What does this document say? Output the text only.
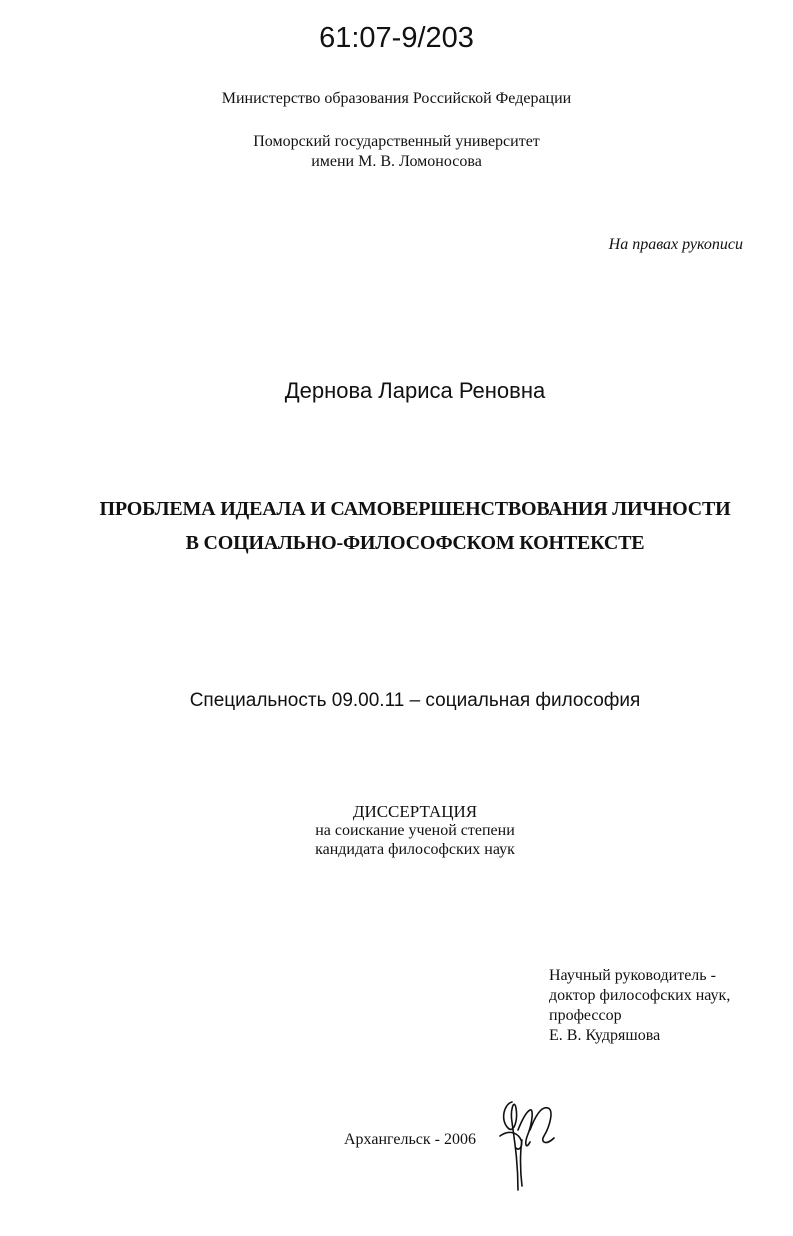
61:07-9/203
Министерство образования Российской Федерации
Поморский государственный университет
имени М. В. Ломоносова
На правах рукописи
Дернова Лариса Реновна
ПРОБЛЕМА ИДЕАЛА И САМОВЕРШЕНСТВОВАНИЯ ЛИЧНОСТИ
В СОЦИАЛЬНО-ФИЛОСОФСКОМ КОНТЕКСТЕ
Специальность 09.00.11 – социальная философия
ДИССЕРТАЦИЯ
на соискание ученой степени
кандидата философских наук
Научный руководитель -
доктор философских наук,
профессор
Е. В. Кудряшова
Архангельск - 2006
